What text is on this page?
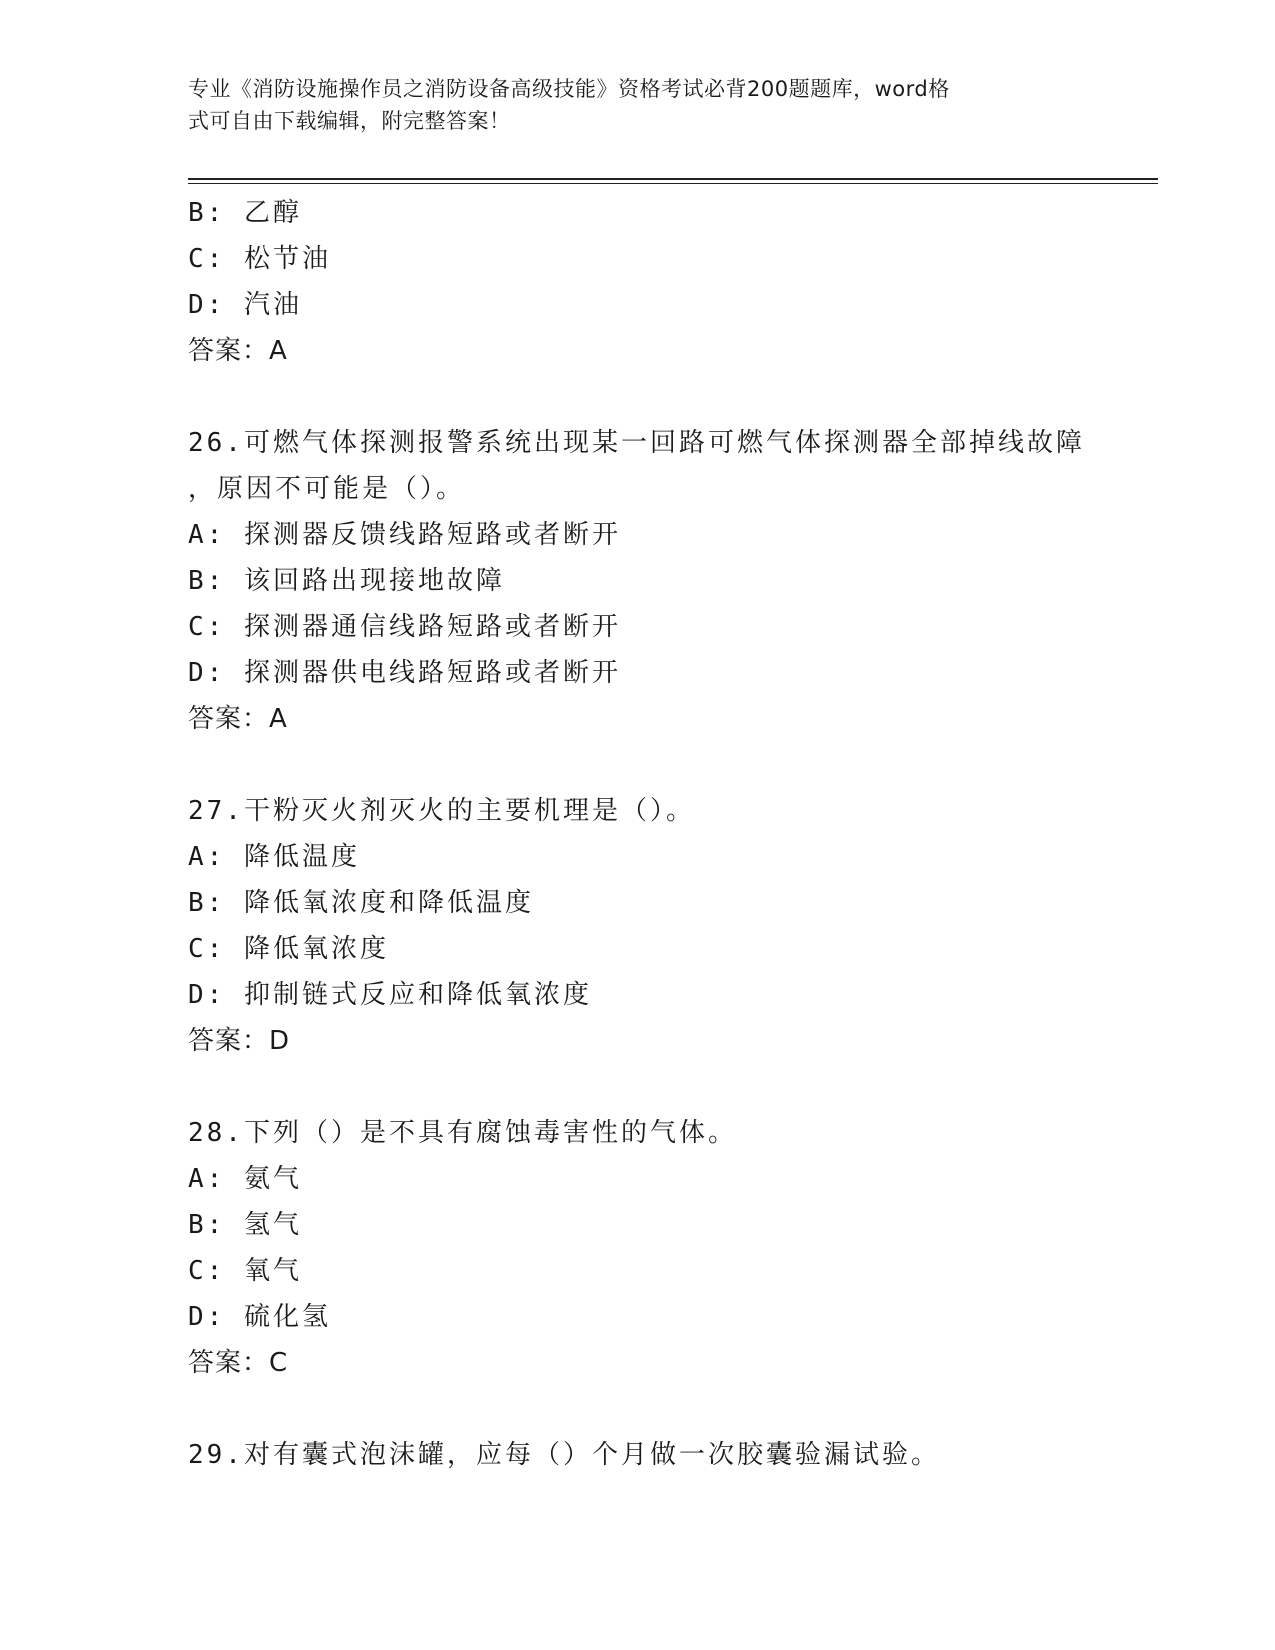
专业《消防设施操作员之消防设备高级技能》资格考试必背200题题库，word格
式可自由下载编辑，附完整答案！
B: 乙醇
C: 松节油
D: 汽油
答案：A
26.可燃气体探测报警系统出现某一回路可燃气体探测器全部掉线故障
，原因不可能是（）。
A: 探测器反馈线路短路或者断开
B: 该回路出现接地故障
C: 探测器通信线路短路或者断开
D: 探测器供电线路短路或者断开
答案：A
27.干粉灭火剂灭火的主要机理是（）。
A: 降低温度
B: 降低氧浓度和降低温度
C: 降低氧浓度
D: 抑制链式反应和降低氧浓度
答案：D
28.下列（）是不具有腐蚀毒害性的气体。
A: 氨气
B: 氢气
C: 氧气
D: 硫化氢
答案：C
29.对有囊式泡沫罐，应每（）个月做一次胶囊验漏试验。
